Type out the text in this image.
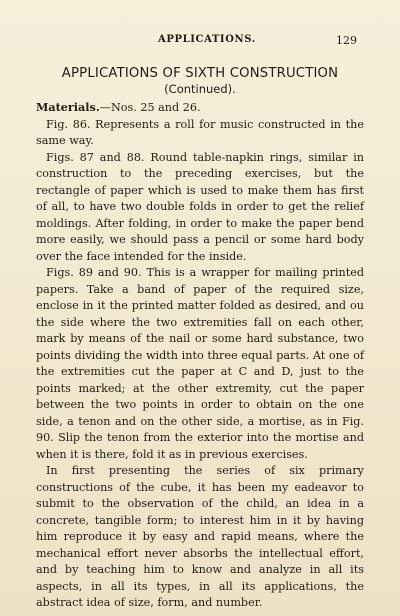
APPLICATIONS.	129
APPLICATIONS OF SIXTH CONSTRUCTION
(Continued).

Materials.—Nos. 25 and 26.

Fig. 86. Represents a roll for music constructed in the same way.

Figs. 87 and 88. Round table-napkin rings, similar in construction to the preceding exercises, but the rectangle of paper which is used to make them has first of all, to have two double folds in order to get the relief moldings. After folding, in order to make the paper bend more easily, we should pass a pencil or some hard body over the face intended for the inside.

Figs. 89 and 90. This is a wrapper for mailing printed papers. Take a band of paper of the required size, enclose in it the printed matter folded as desired, and ou the side where the two extremities fall on each other, mark by means of the nail or some hard substance, two points dividing the width into three equal parts. At one of the extremities cut the paper at C and D, just to the points marked; at the other extremity, cut the paper between the two points in order to obtain on the one side, a tenon and on the other side, a mortise, as in Fig. 90. Slip the tenon from the exterior into the mortise and when it is there, fold it as in previous exercises.

In first presenting the series of six primary constructions of the cube, it has been my eadeavor to submit to the observation of the child, an idea in a concrete, tangible form; to interest him in it by having him reproduce it by easy and rapid means, where the mechanical effort never absorbs the intellectual effort, and by teaching him to know and analyze in all its aspects, in all its types, in all its applications, the abstract idea of size, form, and number.
